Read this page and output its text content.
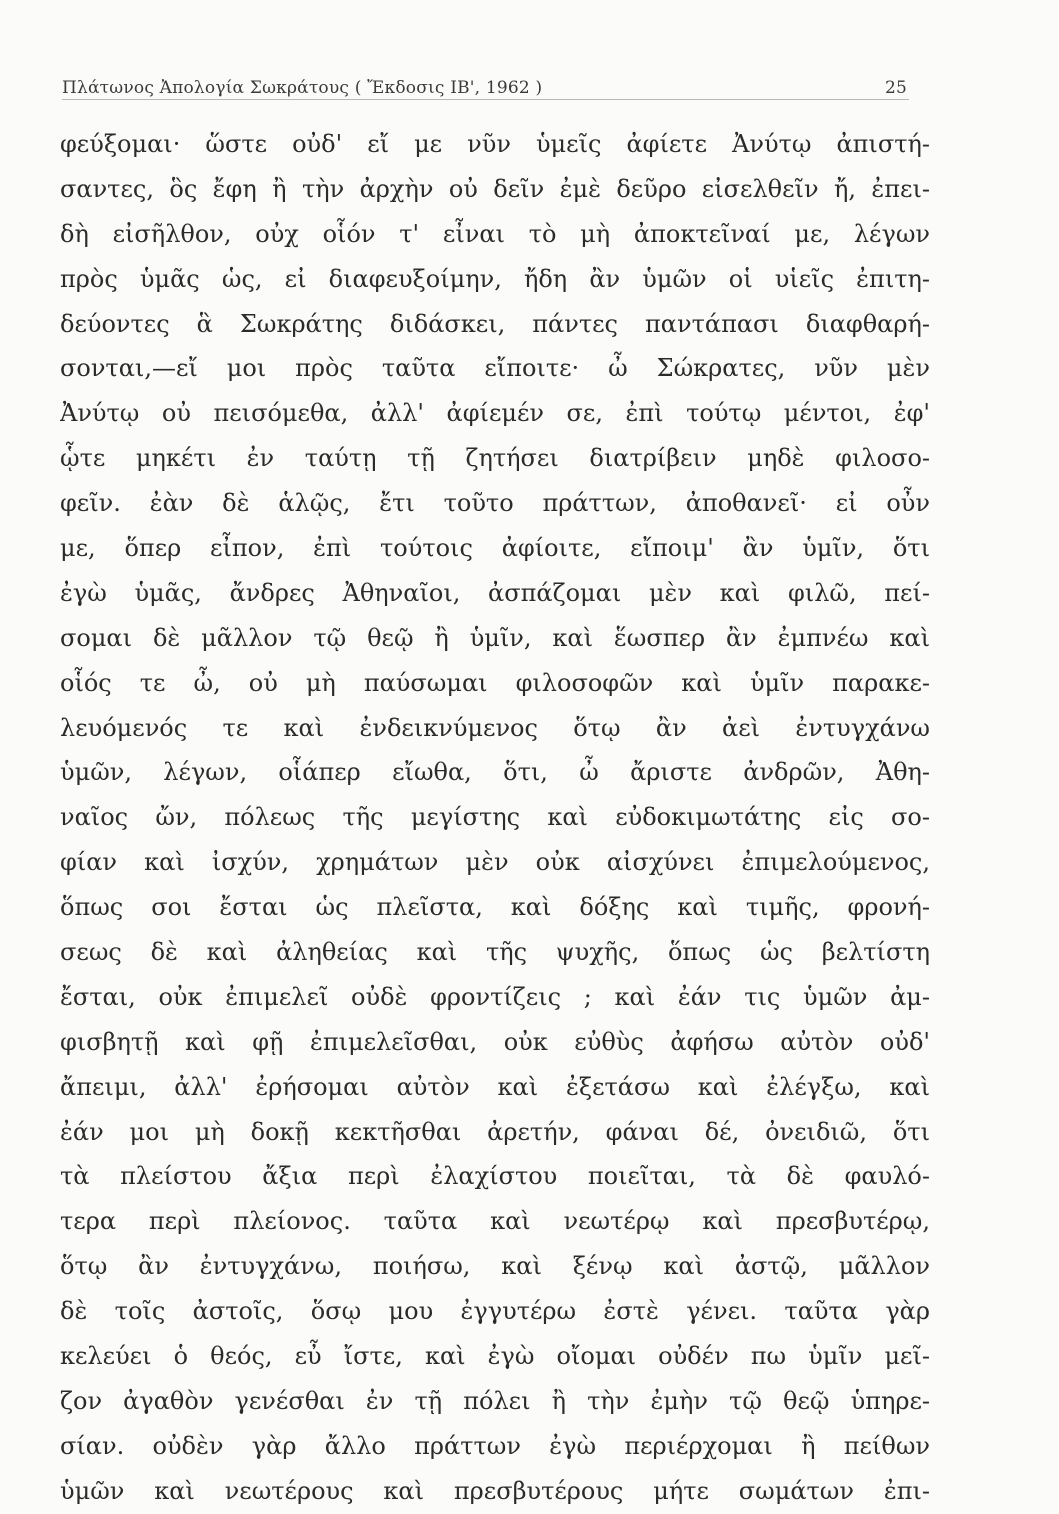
Πλάτωνος Ἀπολογία Σωκράτους ( Ἔκδοσις ΙΒ', 1962 )	25
φεύξομαι· ὥστε οὐδ' εἴ με νῦν ὑμεῖς ἀφίετε Ἀνύτῳ ἀπιστή-
σαντες, ὃς ἔφη ἢ τὴν ἀρχὴν οὐ δεῖν ἐμὲ δεῦρο εἰσελθεῖν ἤ, ἐπει-
δὴ εἰσῆλθον, οὐχ οἷόν τ' εἶναι τὸ μὴ ἀποκτεῖναί με, λέγων
πρὸς ὑμᾶς ὡς, εἰ διαφευξοίμην, ἤδη ἂν ὑμῶν οἱ υἱεῖς ἐπιτη-
δεύοντες ἃ Σωκράτης διδάσκει, πάντες παντάπασι διαφθαρή-
σονται,—εἴ μοι πρὸς ταῦτα εἴποιτε· ὦ Σώκρατες, νῦν μὲν
Ἀνύτῳ οὐ πεισόμεθα, ἀλλ' ἀφίεμέν σε, ἐπὶ τούτῳ μέντοι, ἐφ'
ᾧτε μηκέτι ἐν ταύτῃ τῇ ζητήσει διατρίβειν μηδὲ φιλοσο-
φεῖν. ἐὰν δὲ ἁλῷς, ἔτι τοῦτο πράττων, ἀποθανεῖ· εἰ οὖν
με, ὅπερ εἶπον, ἐπὶ τούτοις ἀφίοιτε, εἴποιμ' ἂν ὑμῖν, ὅτι
ἐγὼ ὑμᾶς, ἄνδρες Ἀθηναῖοι, ἀσπάζομαι μὲν καὶ φιλῶ, πεί-
σομαι δὲ μᾶλλον τῷ θεῷ ἢ ὑμῖν, καὶ ἕωσπερ ἂν ἐμπνέω καὶ
οἷός τε ὦ, οὐ μὴ παύσωμαι φιλοσοφῶν καὶ ὑμῖν παρακε-
λευόμενός τε καὶ ἐνδεικνύμενος ὅτῳ ἂν ἀεὶ ἐντυγχάνω
ὑμῶν, λέγων, οἷάπερ εἴωθα, ὅτι, ὦ ἄριστε ἀνδρῶν, Ἀθη-
ναῖος ὤν, πόλεως τῆς μεγίστης καὶ εὐδοκιμωτάτης εἰς σο-
φίαν καὶ ἰσχύν, χρημάτων μὲν οὐκ αἰσχύνει ἐπιμελούμενος,
ὅπως σοι ἔσται ὡς πλεῖστα, καὶ δόξης καὶ τιμῆς, φρονή-
σεως δὲ καὶ ἀληθείας καὶ τῆς ψυχῆς, ὅπως ὡς βελτίστη
ἔσται, οὐκ ἐπιμελεῖ οὐδὲ φροντίζεις ; καὶ ἐάν τις ὑμῶν ἀμ-
φισβητῇ καὶ φῇ ἐπιμελεῖσθαι, οὐκ εὐθὺς ἀφήσω αὐτὸν οὐδ'
ἄπειμι, ἀλλ' ἐρήσομαι αὐτὸν καὶ ἐξετάσω καὶ ἐλέγξω, καὶ
ἐάν μοι μὴ δοκῇ κεκτῆσθαι ἀρετήν, φάναι δέ, ὀνειδιῶ, ὅτι
τὰ πλείστου ἄξια περὶ ἐλαχίστου ποιεῖται, τὰ δὲ φαυλό-
τερα περὶ πλείονος. ταῦτα καὶ νεωτέρῳ καὶ πρεσβυτέρῳ,
ὅτῳ ἂν ἐντυγχάνω, ποιήσω, καὶ ξένῳ καὶ ἀστῷ, μᾶλλον
δὲ τοῖς ἀστοῖς, ὅσῳ μου ἐγγυτέρω ἐστὲ γένει. ταῦτα γὰρ
κελεύει ὁ θεός, εὖ ἴστε, καὶ ἐγὼ οἴομαι οὐδέν πω ὑμῖν μεῖ-
ζον ἀγαθὸν γενέσθαι ἐν τῇ πόλει ἢ τὴν ἐμὴν τῷ θεῷ ὑπηρε-
σίαν. οὐδὲν γὰρ ἄλλο πράττων ἐγὼ περιέρχομαι ἢ πείθων
ὑμῶν καὶ νεωτέρους καὶ πρεσβυτέρους μήτε σωμάτων ἐπι-
